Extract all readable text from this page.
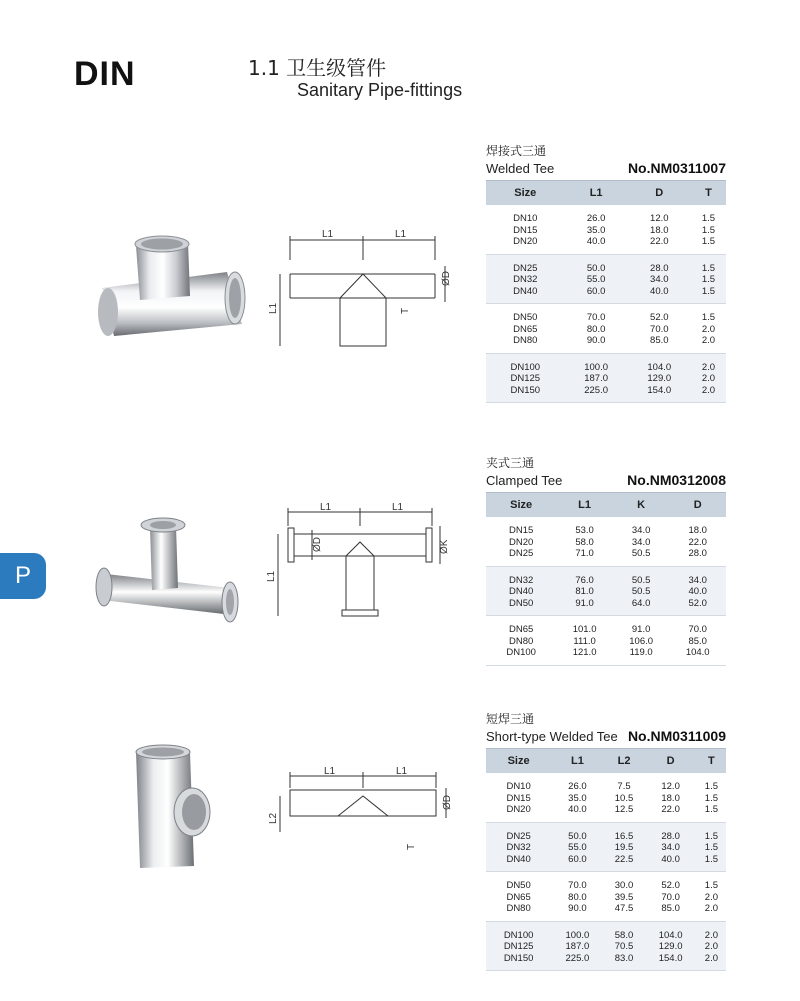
DIN	1.1 卫生级管件
Sanitary Pipe-fittings
P
L1	L1
ØD
L1	T
焊接式三通
Welded Tee	No.NM0311007
Size	L1	D	T
DN10	26.0	12.0	1.5
DN15	35.0	18.0	1.5
DN20	40.0	22.0	1.5
DN25	50.0	28.0	1.5
DN32	55.0	34.0	1.5
DN40	60.0	40.0	1.5
DN50	70.0	52.0	1.5
DN65	80.0	70.0	2.0
DN80	90.0	85.0	2.0
DN100	100.0	104.0	2.0
DN125	187.0	129.0	2.0
DN150	225.0	154.0	2.0
L1	L1
ØD	ØK
L1
夹式三通
Clamped Tee	No.NM0312008
Size	L1	K	D
DN15	53.0	34.0	18.0
DN20	58.0	34.0	22.0
DN25	71.0	50.5	28.0
DN32	76.0	50.5	34.0
DN40	81.0	50.5	40.0
DN50	91.0	64.0	52.0
DN65	101.0	91.0	70.0
DN80	111.0	106.0	85.0
DN100	121.0	119.0	104.0
L1	L1
ØD
L2
T
短焊三通
Short-type Welded Tee No.NM0311009
Size	L1	L2	D	T
DN10	26.0	7.5	12.0	1.5
DN15	35.0	10.5	18.0	1.5
DN20	40.0	12.5	22.0	1.5
DN25	50.0	16.5	28.0	1.5
DN32	55.0	19.5	34.0	1.5
DN40	60.0	22.5	40.0	1.5
DN50	70.0	30.0	52.0	1.5
DN65	80.0	39.5	70.0	2.0
DN80	90.0	47.5	85.0	2.0
DN100	100.0	58.0	104.0	2.0
DN125	187.0	70.5	129.0	2.0
DN150	225.0	83.0	154.0	2.0
